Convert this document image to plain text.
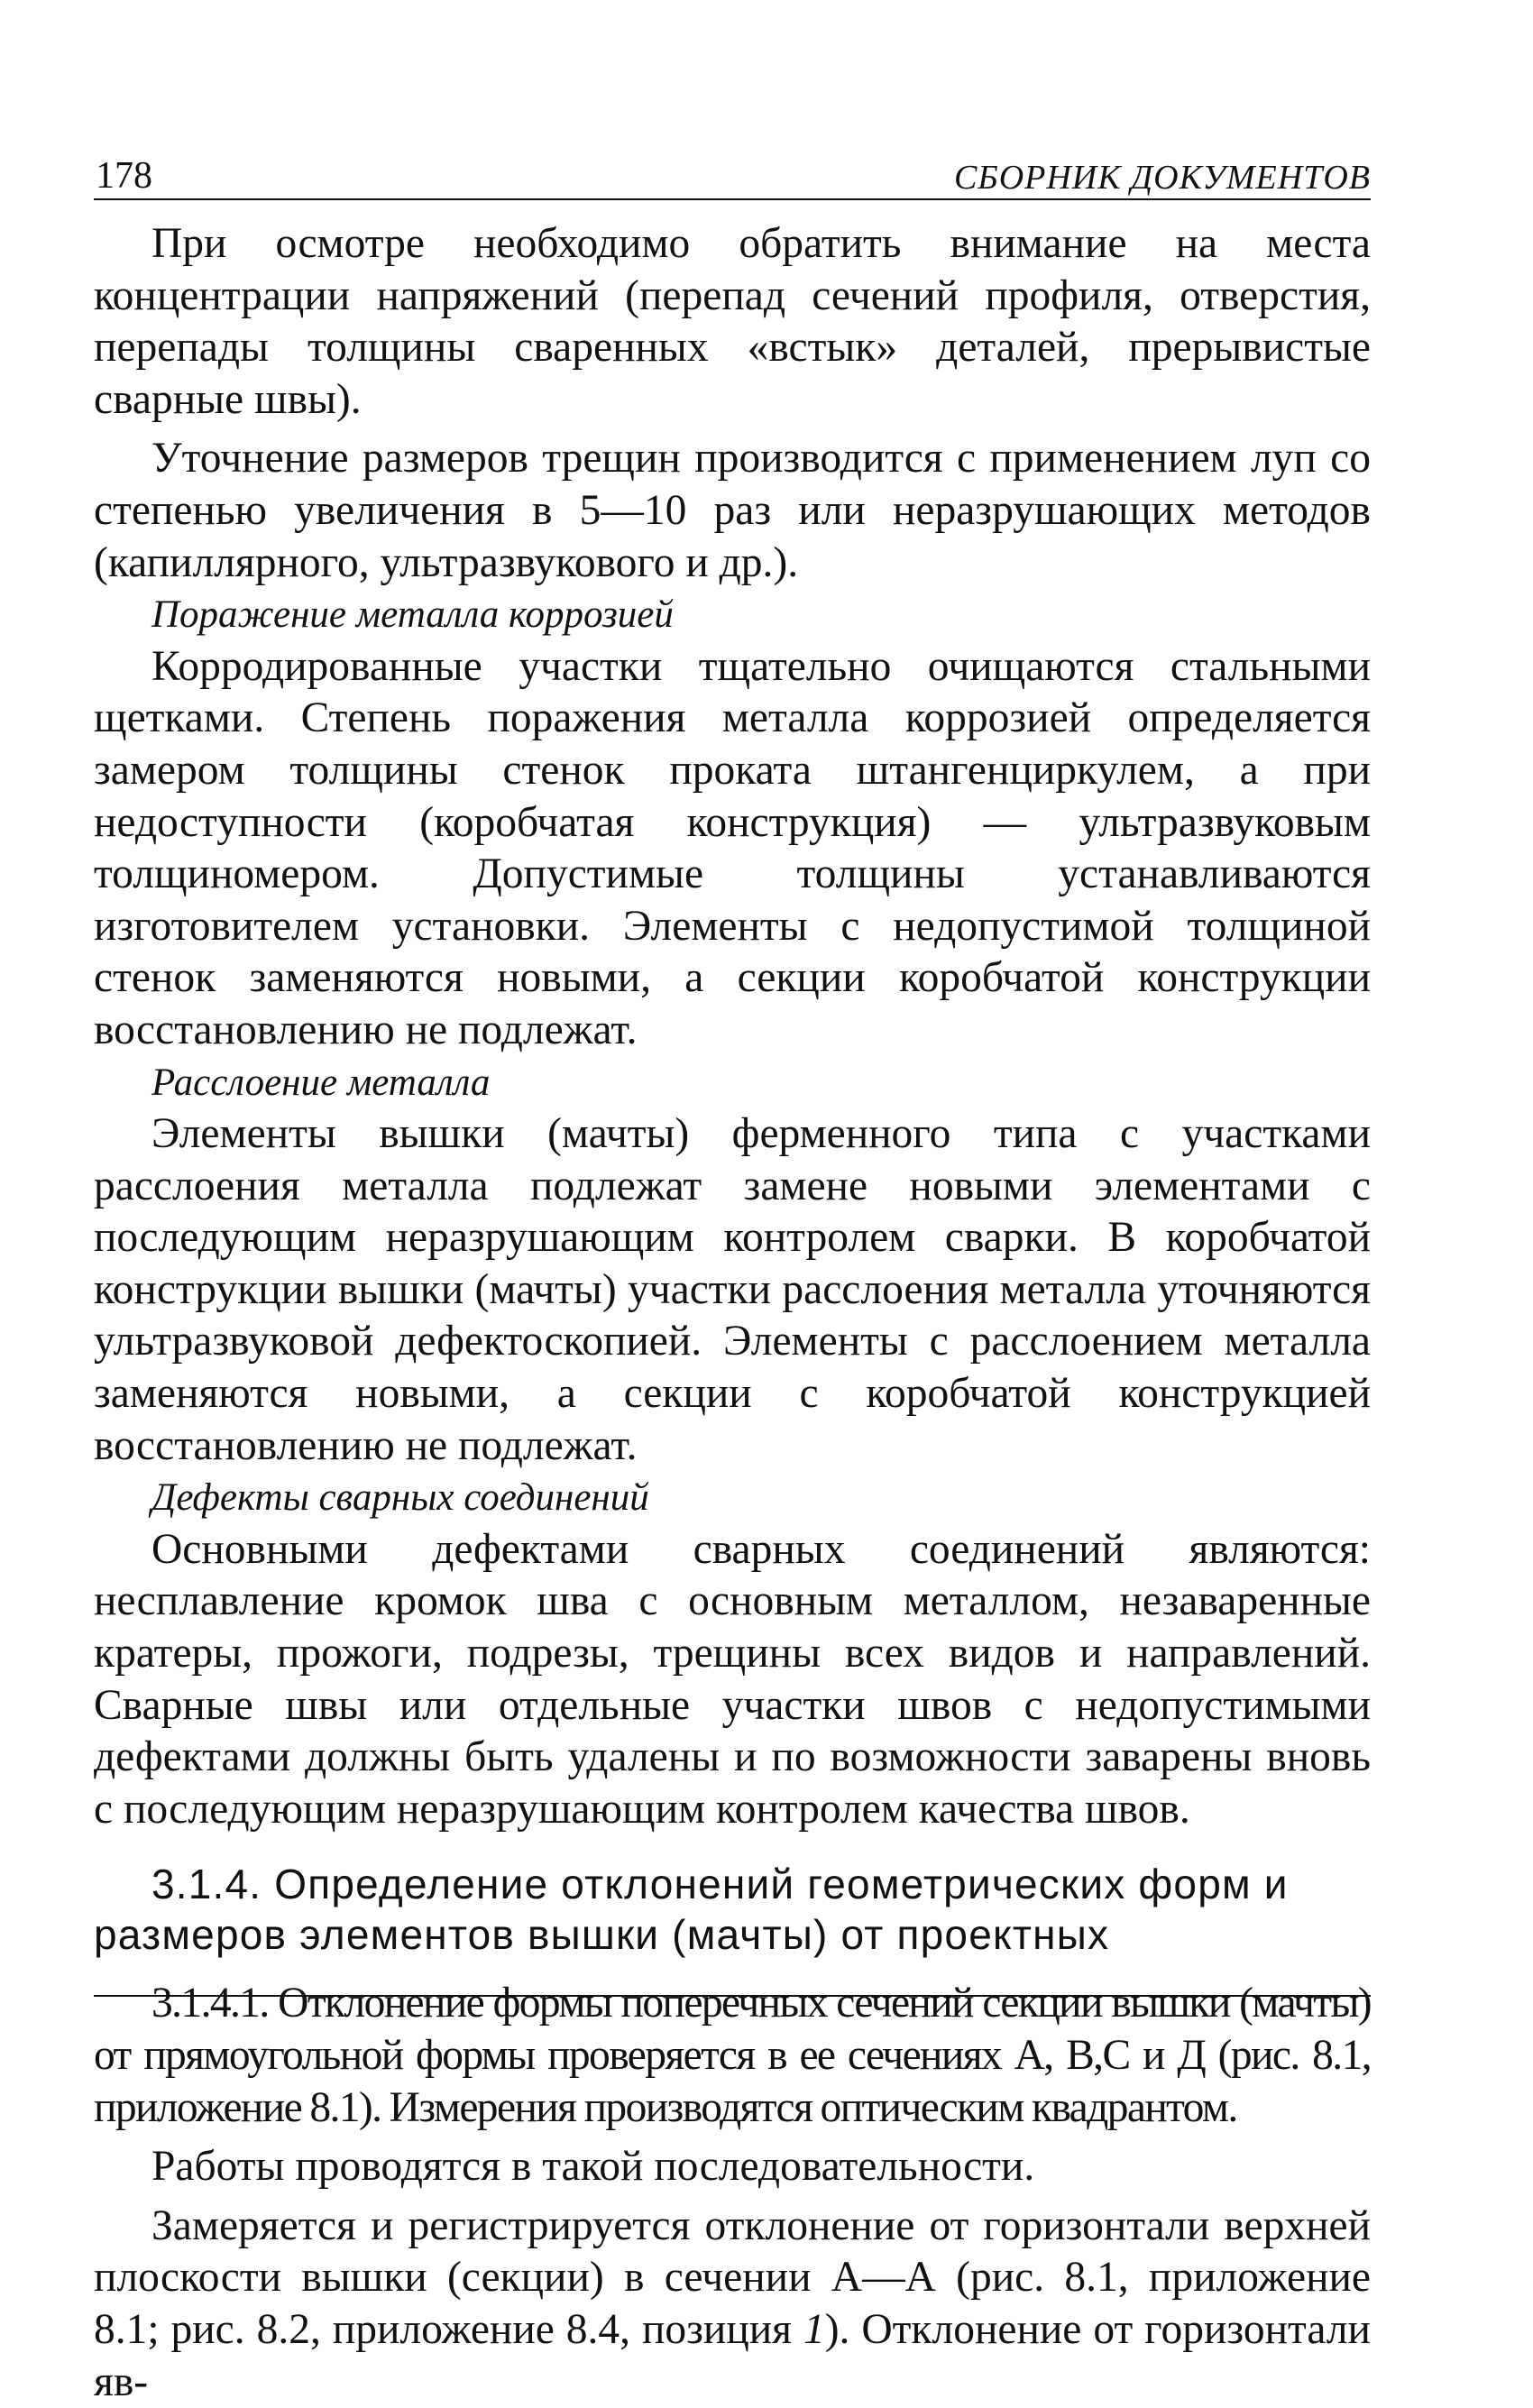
178	СБОРНИК ДОКУМЕНТОВ

При осмотре необходимо обратить внимание на места концентрации напряжений (перепад сечений профиля, отверстия, перепады толщины сваренных «встык» деталей, прерывистые сварные швы).

Уточнение размеров трещин производится с применением луп со степенью увеличения в 5—10 раз или неразрушающих методов (капиллярного, ультразвукового и др.).

Поражение металла коррозией

Корродированные участки тщательно очищаются стальными щетками. Степень поражения металла коррозией определяется замером толщины стенок проката штангенциркулем, а при недоступности (коробчатая конструкция) — ультразвуковым толщиномером. Допустимые толщины устанавливаются изготовителем установки. Элементы с недопустимой толщиной стенок заменяются новыми, а секции коробчатой конструкции восстановлению не подлежат.

Расслоение металла

Элементы вышки (мачты) ферменного типа с участками расслоения металла подлежат замене новыми элементами с последующим неразрушающим контролем сварки. В коробчатой конструкции вышки (мачты) участки расслоения металла уточняются ультразвуковой дефектоскопией. Элементы с расслоением металла заменяются новыми, а секции с коробчатой конструкцией восстановлению не подлежат.

Дефекты сварных соединений

Основными дефектами сварных соединений являются: несплавление кромок шва с основным металлом, незаваренные кратеры, прожоги, подрезы, трещины всех видов и направлений. Сварные швы или отдельные участки швов с недопустимыми дефектами должны быть удалены и по возможности заварены вновь с последующим неразрушающим контролем качества швов.

3.1.4. Определение отклонений геометрических форм и размеров элементов вышки (мачты) от проектных

3.1.4.1. Отклонение формы поперечных сечений секции вышки (мачты) от прямоугольной формы проверяется в ее сечениях А, В,С и Д (рис. 8.1, приложение 8.1). Измерения производятся оптическим квадрантом.

Работы проводятся в такой последовательности.

Замеряется и регистрируется отклонение от горизонтали верхней плоскости вышки (секции) в сечении А—А (рис. 8.1, приложение 8.1; рис. 8.2, приложение 8.4, позиция 1). Отклонение от горизонтали яв-
